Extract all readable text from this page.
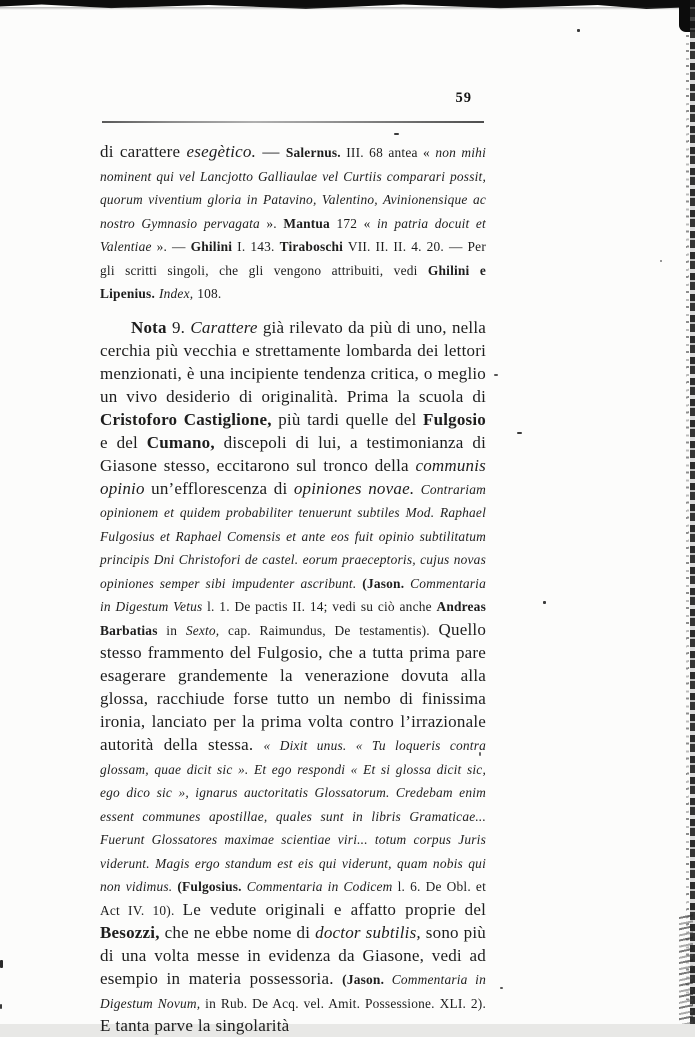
59

di carattere esegètico. — Salernus. III. 68 antea « non mihi nominent qui vel Lancjotto Galliaulae vel Curtiis comparari possit, quorum viventium gloria in Patavino, Valentino, Avinionensique ac nostro Gymnasio pervagata ». Mantua 172 « in patria docuit et Valentiae ». — Ghilini I. 143. Tiraboschi VII. II. II. 4. 20. — Per gli scritti singoli, che gli vengono attribuiti, vedi Ghilini e Lipenius. Index, 108.

Nota 9. Carattere già rilevato da più di uno, nella cerchia più vecchia e strettamente lombarda dei lettori menzionati, è una incipiente tendenza critica, o meglio un vivo desiderio di originalità. Prima la scuola di Cristoforo Castiglione, più tardi quelle del Fulgosio e del Cumano, discepoli di lui, a testimonianza di Giasone stesso, eccitarono sul tronco della communis opinio un’efflorescenza di opiniones novae. Contrariam opinionem et quidem probabiliter tenuerunt subtiles Mod. Raphael Fulgosius et Raphael Comensis et ante eos fuit opinio subtilitatum principis Dni Christofori de castel. eorum praeceptoris, cujus novas opiniones semper sibi impudenter ascribunt. (Jason. Commentaria in Digestum Vetus l. 1. De pactis II. 14; vedi su ciò anche Andreas Barbatias in Sexto, cap. Raimundus, De testamentis). Quello stesso frammento del Fulgosio, che a tutta prima pare esagerare grandemente la venerazione dovuta alla glossa, racchiude forse tutto un nembo di finissima ironia, lanciato per la prima volta contro l’irrazionale autorità della stessa. « Dixit unus. « Tu loqueris contra glossam, quae dicit sic ». Et ego respondi « Et si glossa dicit sic, ego dico sic », ignarus auctoritatis Glossatorum. Credebam enim essent communes apostillae, quales sunt in libris Gramaticae... Fuerunt Glossatores maximae scientiae viri... totum corpus Juris viderunt. Magis ergo standum est eis qui viderunt, quam nobis qui non vidimus. (Fulgosius. Commentaria in Codicem l. 6. De Obl. et Act IV. 10). Le vedute originali e affatto proprie del Besozzi, che ne ebbe nome di doctor subtilis, sono più di una volta messe in evidenza da Giasone, vedi ad esempio in materia possessoria. (Jason. Commentaria in Digestum Novum, in Rub. De Acq. vel. Amit. Possessione. XLI. 2). E tanta parve la singolarità
